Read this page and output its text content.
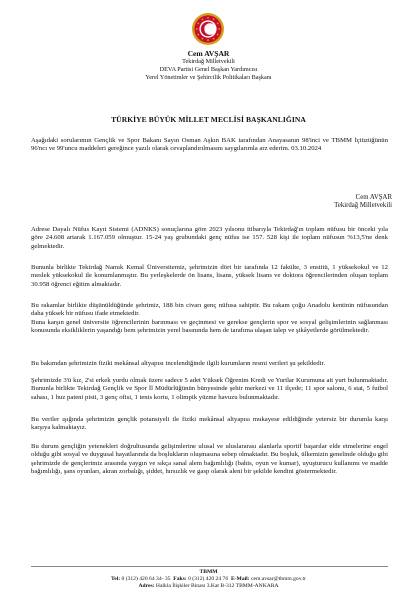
Cem AVŞAR
Tekirdağ Milletvekili
DEVA Partisi Genel Başkan Yardımcısı
Yerel Yönetimler ve Şehircilik Politikaları Başkanı
TÜRKİYE BÜYÜK MİLLET MECLİSİ BAŞKANLIĞINA

Aşağıdaki sorularımın Gençlik ve Spor Bakanı Sayın Osman Aşkın BAK tarafından Anayasanın 98'inci ve TBMM İçtüzüğünün 96'ncı ve 99'uncu maddeleri gereğince yazılı olarak cevaplandırılmasını saygılarımla arz ederim. 03.10.2024

Cem AVŞAR
Tekirdağ Milletvekili

Adrese Dayalı Nüfus Kayıt Sistemi (ADNKS) sonuçlarına göre 2023 yılsonu itibarıyla Tekirdağ'ın toplam nüfusu bir önceki yıla göre 24.608 artarak 1.167.059 olmuştur. 15-24 yaş grubundaki genç nüfus ise 157. 528 kişi ile toplam nüfusun %13,5'ne denk gelmektedir.

Bununla birlikte Tekirdağ Namık Kemal Üniversitemiz, şehrimizin dört bir tarafında 12 fakülte, 3 enstitü, 1 yüksekokul ve 12 meslek yüksekokul ile konumlanmıştır. Bu yerleşkelerde ön lisans, lisans, yüksek lisans ve doktora öğrencilerinden oluşan toplam 30.958 öğrenci eğitim almaktadır.

Bu rakamlar birlikte düşünüldüğünde şehrimiz, 188 bin civarı genç nüfusa sahiptir. Bu rakam çoğu Anadolu kentinin nüfusundan daha yüksek bir nüfusu ifade etmektedir.

Buna karşın genel üniversite öğrencilerinin barınması ve geçinmesi ve gerekse gençlerin spor ve sosyal gelişimlerinin sağlanması konusunda eksikliklerin yaşandığı hem şehrimizin yerel basınında hem de tarafıma ulaşan talep ve şikâyetlerde görülmektedir.

Bu bakımdan şehrimizin fiziki mekânsal altyapısı incelendiğinde ilgili kurumların resmi verileri şu şekildedir.

Şehrimizde 3'ü kız, 2'si erkek yurdu olmak üzere sadece 5 adet Yüksek Öğrenim Kredi ve Yurtlar Kurumuna ait yurt bulunmaktadır. Bununla birlikte Tekirdağ Gençlik ve Spor İl Müdürlüğünün bünyesinde şehir merkezi ve 11 ilçede; 11 spor salonu, 6 stat, 5 futbol sahası, 1 buz pateni pisti, 3 genç ofisi, 1 tenis kortu, 1 olimpik yüzme havuzu bulunmaktadır.

Bu veriler ışığında şehrimizin gençlik potansiyeli ile fiziki mekânsal altyapısı mukayese edildiğinde yetersiz bir durumla karşı karşıya kalmaktayız.

Bu durum gençliğin yetenekleri doğrultusunda gelişimlerine ulusal ve uluslararası alanlarla sportif başarılar elde etmelerine engel olduğu gibi sosyal ve duygusal hayatlarında da boşlukların oluşmasına sebep olmaktadır. Bu boşluk, ülkemizin genelinde olduğu gibi şehrimizde de gençlerimiz arasında yaygın ve sıkça sanal alem bağımlılığı (bahis, oyun ve kumar), uyuşturucu kullanımı ve madde bağımlılığı, şans oyunları, akran zorbalığı, şiddet, hırsızlık ve gasp olarak aleni bir şekilde kendini göstermektedir.

TBMM
Tel: 0 (312) 420 64 34- 35 Faks: 0 (312) 420 24 76 E-Mail: cem.avsar@tbmm.gov.tr
Adres: Halkla İlişkiler Binası 3.Kat B-312 TBMM-ANKARA
